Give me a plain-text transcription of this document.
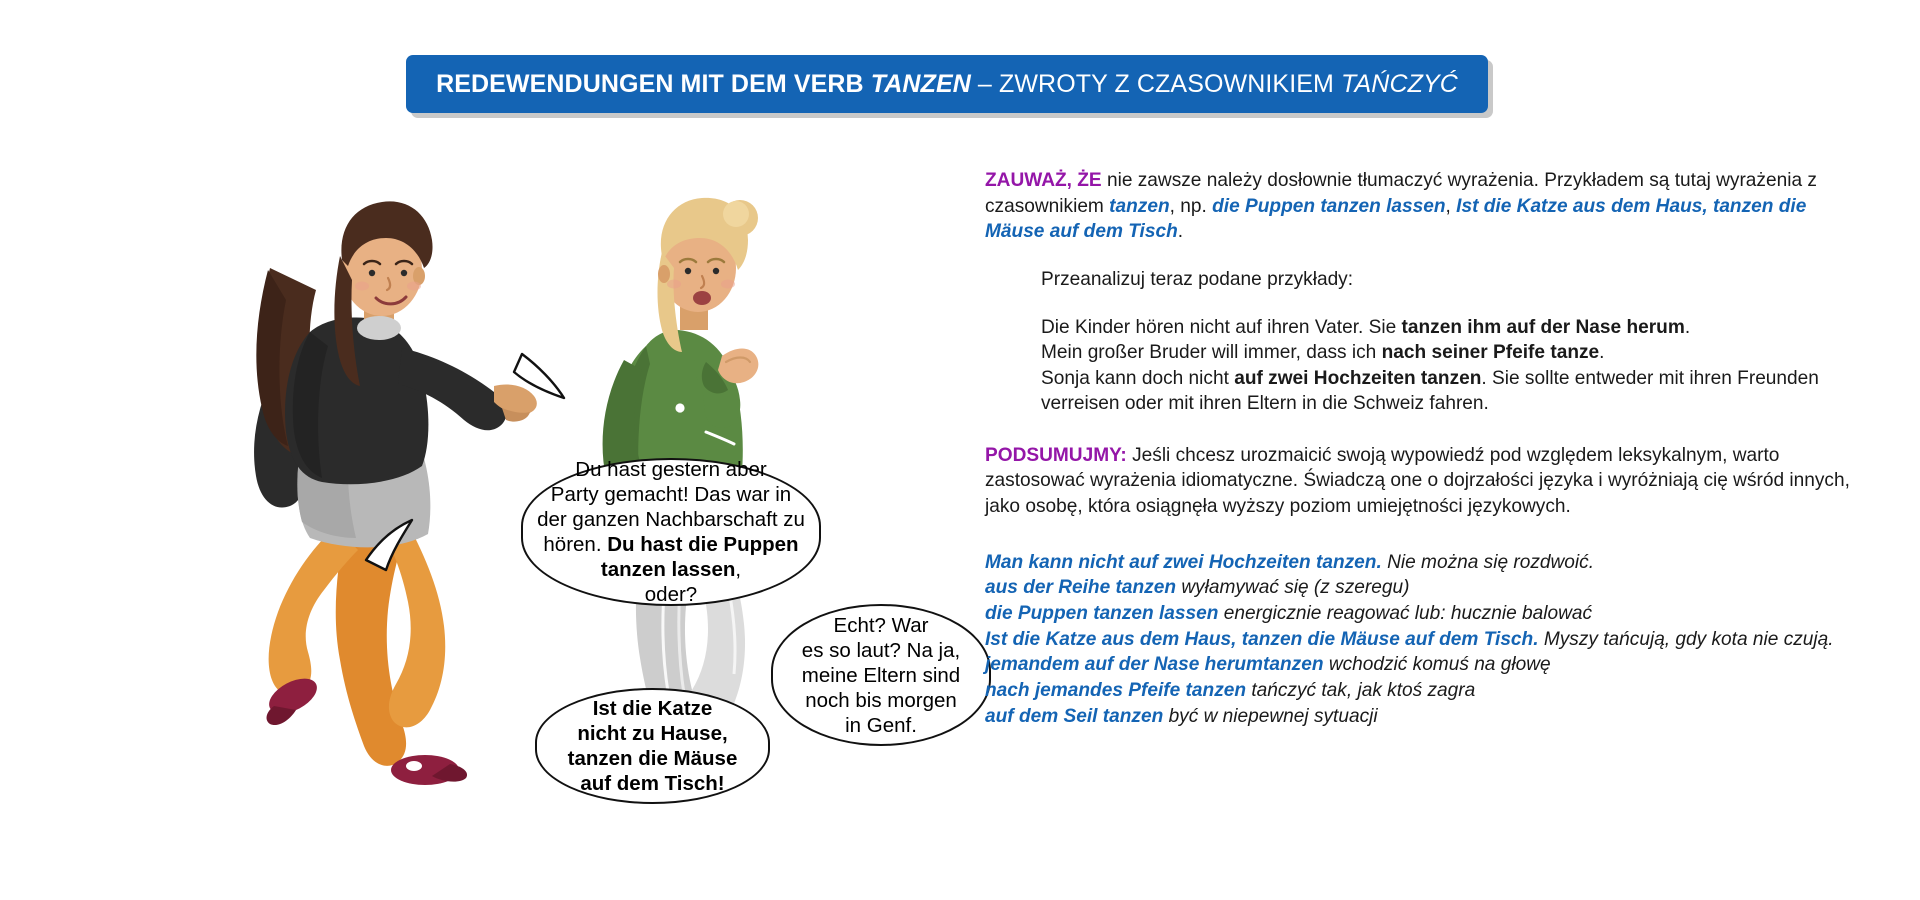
REDEWENDUNGEN MIT DEM VERB TANZEN – ZWROTY Z CZASOWNIKIEM TAŃCZYĆ
Du hast gestern aber
Party gemacht! Das war in
der ganzen Nachbarschaft zu
hören. Du hast die Puppen
tanzen lassen,
oder?
Echt? War
es so laut? Na ja,
meine Eltern sind
noch bis morgen
in Genf.
Ist die Katze
nicht zu Hause,
tanzen die Mäuse
auf dem Tisch!
ZAUWAŻ, ŻE nie zawsze należy dosłownie tłumaczyć wyrażenia. Przykładem są tutaj wyrażenia z czasownikiem tanzen, np. die Puppen tanzen lassen, Ist die Katze aus dem Haus, tanzen die Mäuse auf dem Tisch.
Przeanalizuj teraz podane przykłady:
Die Kinder hören nicht auf ihren Vater. Sie tanzen ihm auf der Nase herum.
Mein großer Bruder will immer, dass ich nach seiner Pfeife tanze.
Sonja kann doch nicht auf zwei Hochzeiten tanzen. Sie sollte entweder mit ihren Freunden verreisen oder mit ihren Eltern in die Schweiz fahren.
PODSUMUJMY: Jeśli chcesz urozmaicić swoją wypowiedź pod względem leksykalnym, warto zastosować wyrażenia idiomatyczne. Świadczą one o dojrzałości języka i wyróżniają cię wśród innych, jako osobę, która osiągnęła wyższy poziom umiejętności językowych.
Man kann nicht auf zwei Hochzeiten tanzen. Nie można się rozdwoić.
aus der Reihe tanzen wyłamywać się (z szeregu)
die Puppen tanzen lassen energicznie reagować lub: hucznie balować
Ist die Katze aus dem Haus, tanzen die Mäuse auf dem Tisch. Myszy tańcują, gdy kota nie czują.
jemandem auf der Nase herumtanzen wchodzić komuś na głowę
nach jemandes Pfeife tanzen tańczyć tak, jak ktoś zagra
auf dem Seil tanzen być w niepewnej sytuacji
